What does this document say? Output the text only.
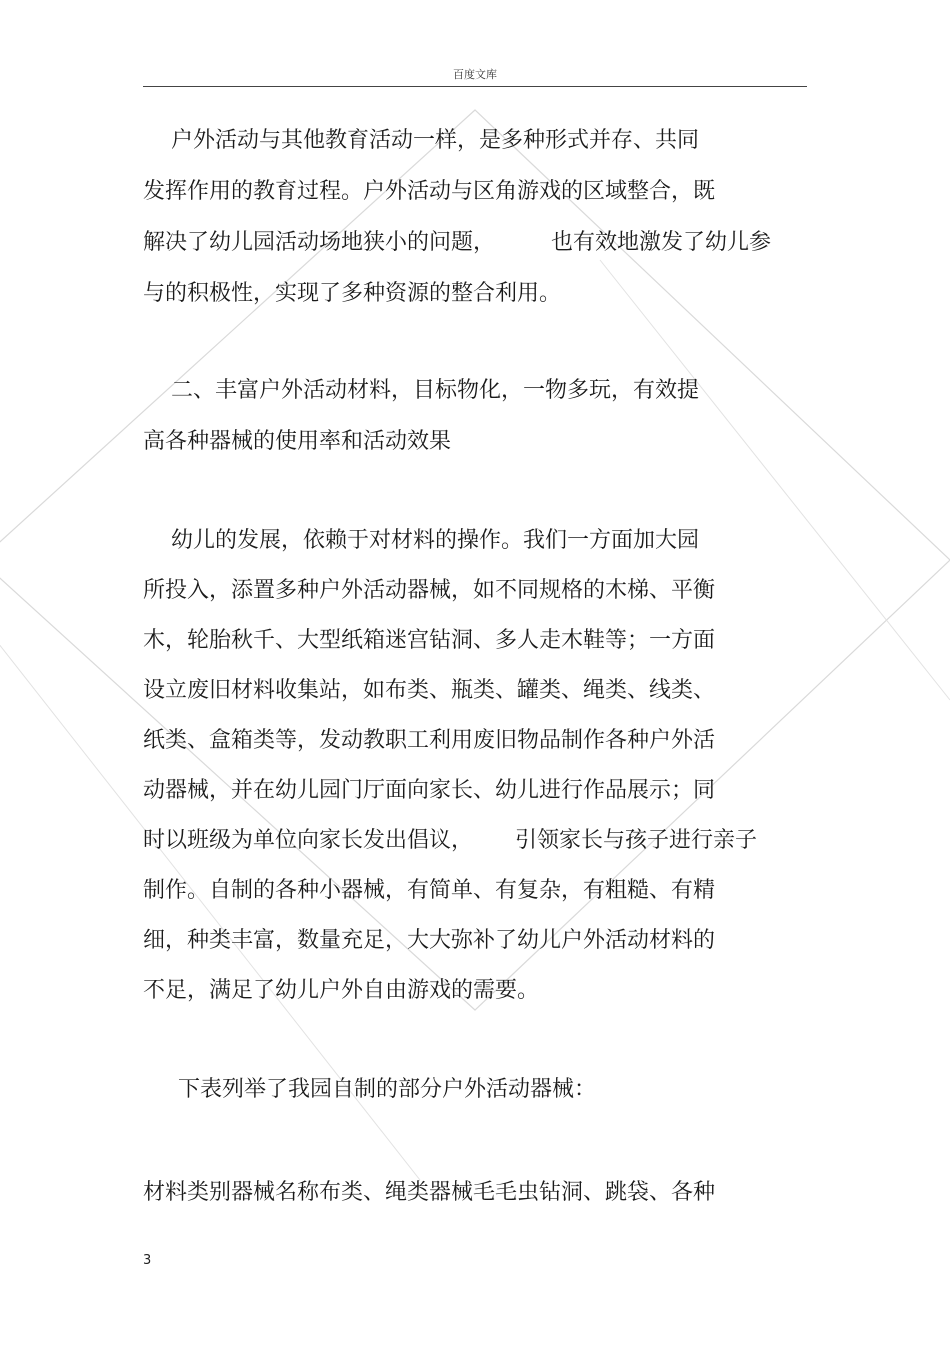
百度文库
户外活动与其他教育活动一样，是多种形式并存、共同
发挥作用的教育过程。户外活动与区角游戏的区域整合，既
解决了幼儿园活动场地狭小的问题，        也有效地激发了幼儿参
与的积极性，实现了多种资源的整合利用。
二、丰富户外活动材料，目标物化，一物多玩，有效提
高各种器械的使用率和活动效果
幼儿的发展，依赖于对材料的操作。我们一方面加大园
所投入，添置多种户外活动器械，如不同规格的木梯、平衡
木，轮胎秋千、大型纸箱迷宫钻洞、多人走木鞋等；一方面
设立废旧材料收集站，如布类、瓶类、罐类、绳类、线类、
纸类、盒箱类等，发动教职工利用废旧物品制作各种户外活
动器械，并在幼儿园门厅面向家长、幼儿进行作品展示；同
时以班级为单位向家长发出倡议，      引领家长与孩子进行亲子
制作。自制的各种小器械，有简单、有复杂，有粗糙、有精
细，种类丰富，数量充足，大大弥补了幼儿户外活动材料的
不足，满足了幼儿户外自由游戏的需要。
下表列举了我园自制的部分户外活动器械：
材料类别器械名称布类、绳类器械毛毛虫钻洞、跳袋、各种
3
